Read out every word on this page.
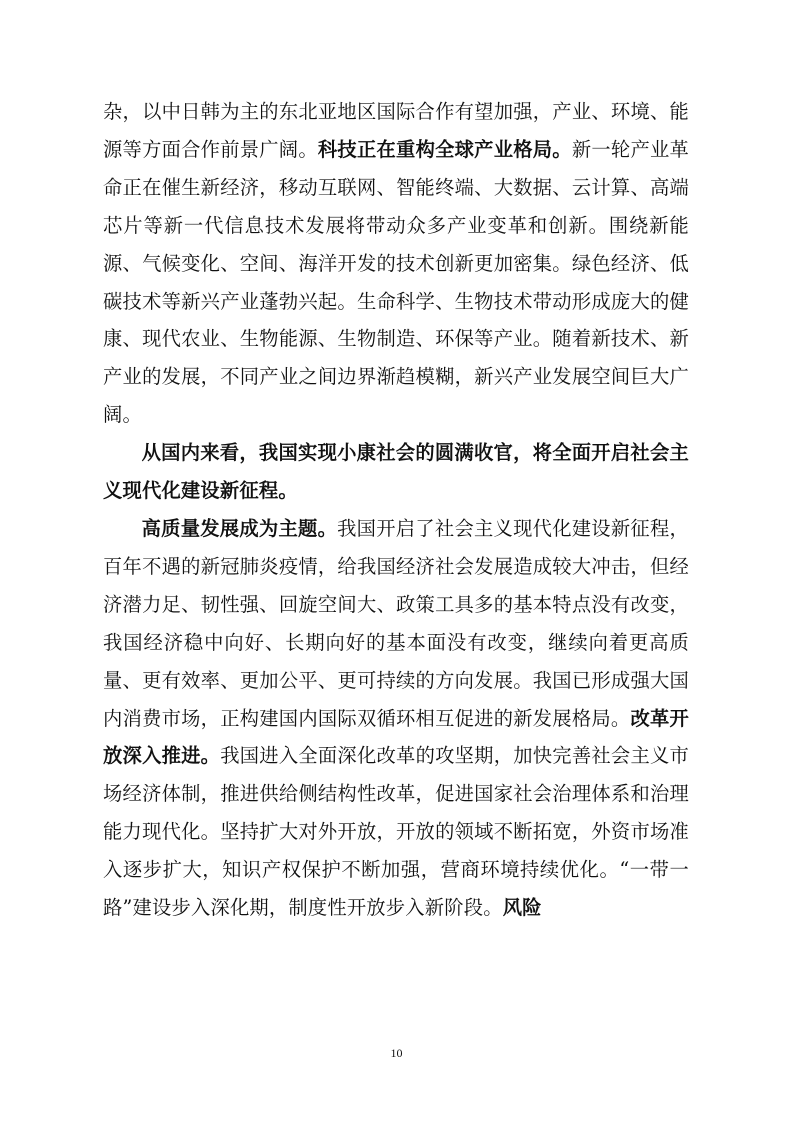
杂，以中日韩为主的东北亚地区国际合作有望加强，产业、环境、能源等方面合作前景广阔。科技正在重构全球产业格局。新一轮产业革命正在催生新经济，移动互联网、智能终端、大数据、云计算、高端芯片等新一代信息技术发展将带动众多产业变革和创新。围绕新能源、气候变化、空间、海洋开发的技术创新更加密集。绿色经济、低碳技术等新兴产业蓬勃兴起。生命科学、生物技术带动形成庞大的健康、现代农业、生物能源、生物制造、环保等产业。随着新技术、新产业的发展，不同产业之间边界渐趋模糊，新兴产业发展空间巨大广阔。

从国内来看，我国实现小康社会的圆满收官，将全面开启社会主义现代化建设新征程。

高质量发展成为主题。我国开启了社会主义现代化建设新征程，百年不遇的新冠肺炎疫情，给我国经济社会发展造成较大冲击，但经济潜力足、韧性强、回旋空间大、政策工具多的基本特点没有改变，我国经济稳中向好、长期向好的基本面没有改变，继续向着更高质量、更有效率、更加公平、更可持续的方向发展。我国已形成强大国内消费市场，正构建国内国际双循环相互促进的新发展格局。改革开放深入推进。我国进入全面深化改革的攻坚期，加快完善社会主义市场经济体制，推进供给侧结构性改革，促进国家社会治理体系和治理能力现代化。坚持扩大对外开放，开放的领域不断拓宽，外资市场准入逐步扩大，知识产权保护不断加强，营商环境持续优化。“一带一路”建设步入深化期，制度性开放步入新阶段。风险

10
